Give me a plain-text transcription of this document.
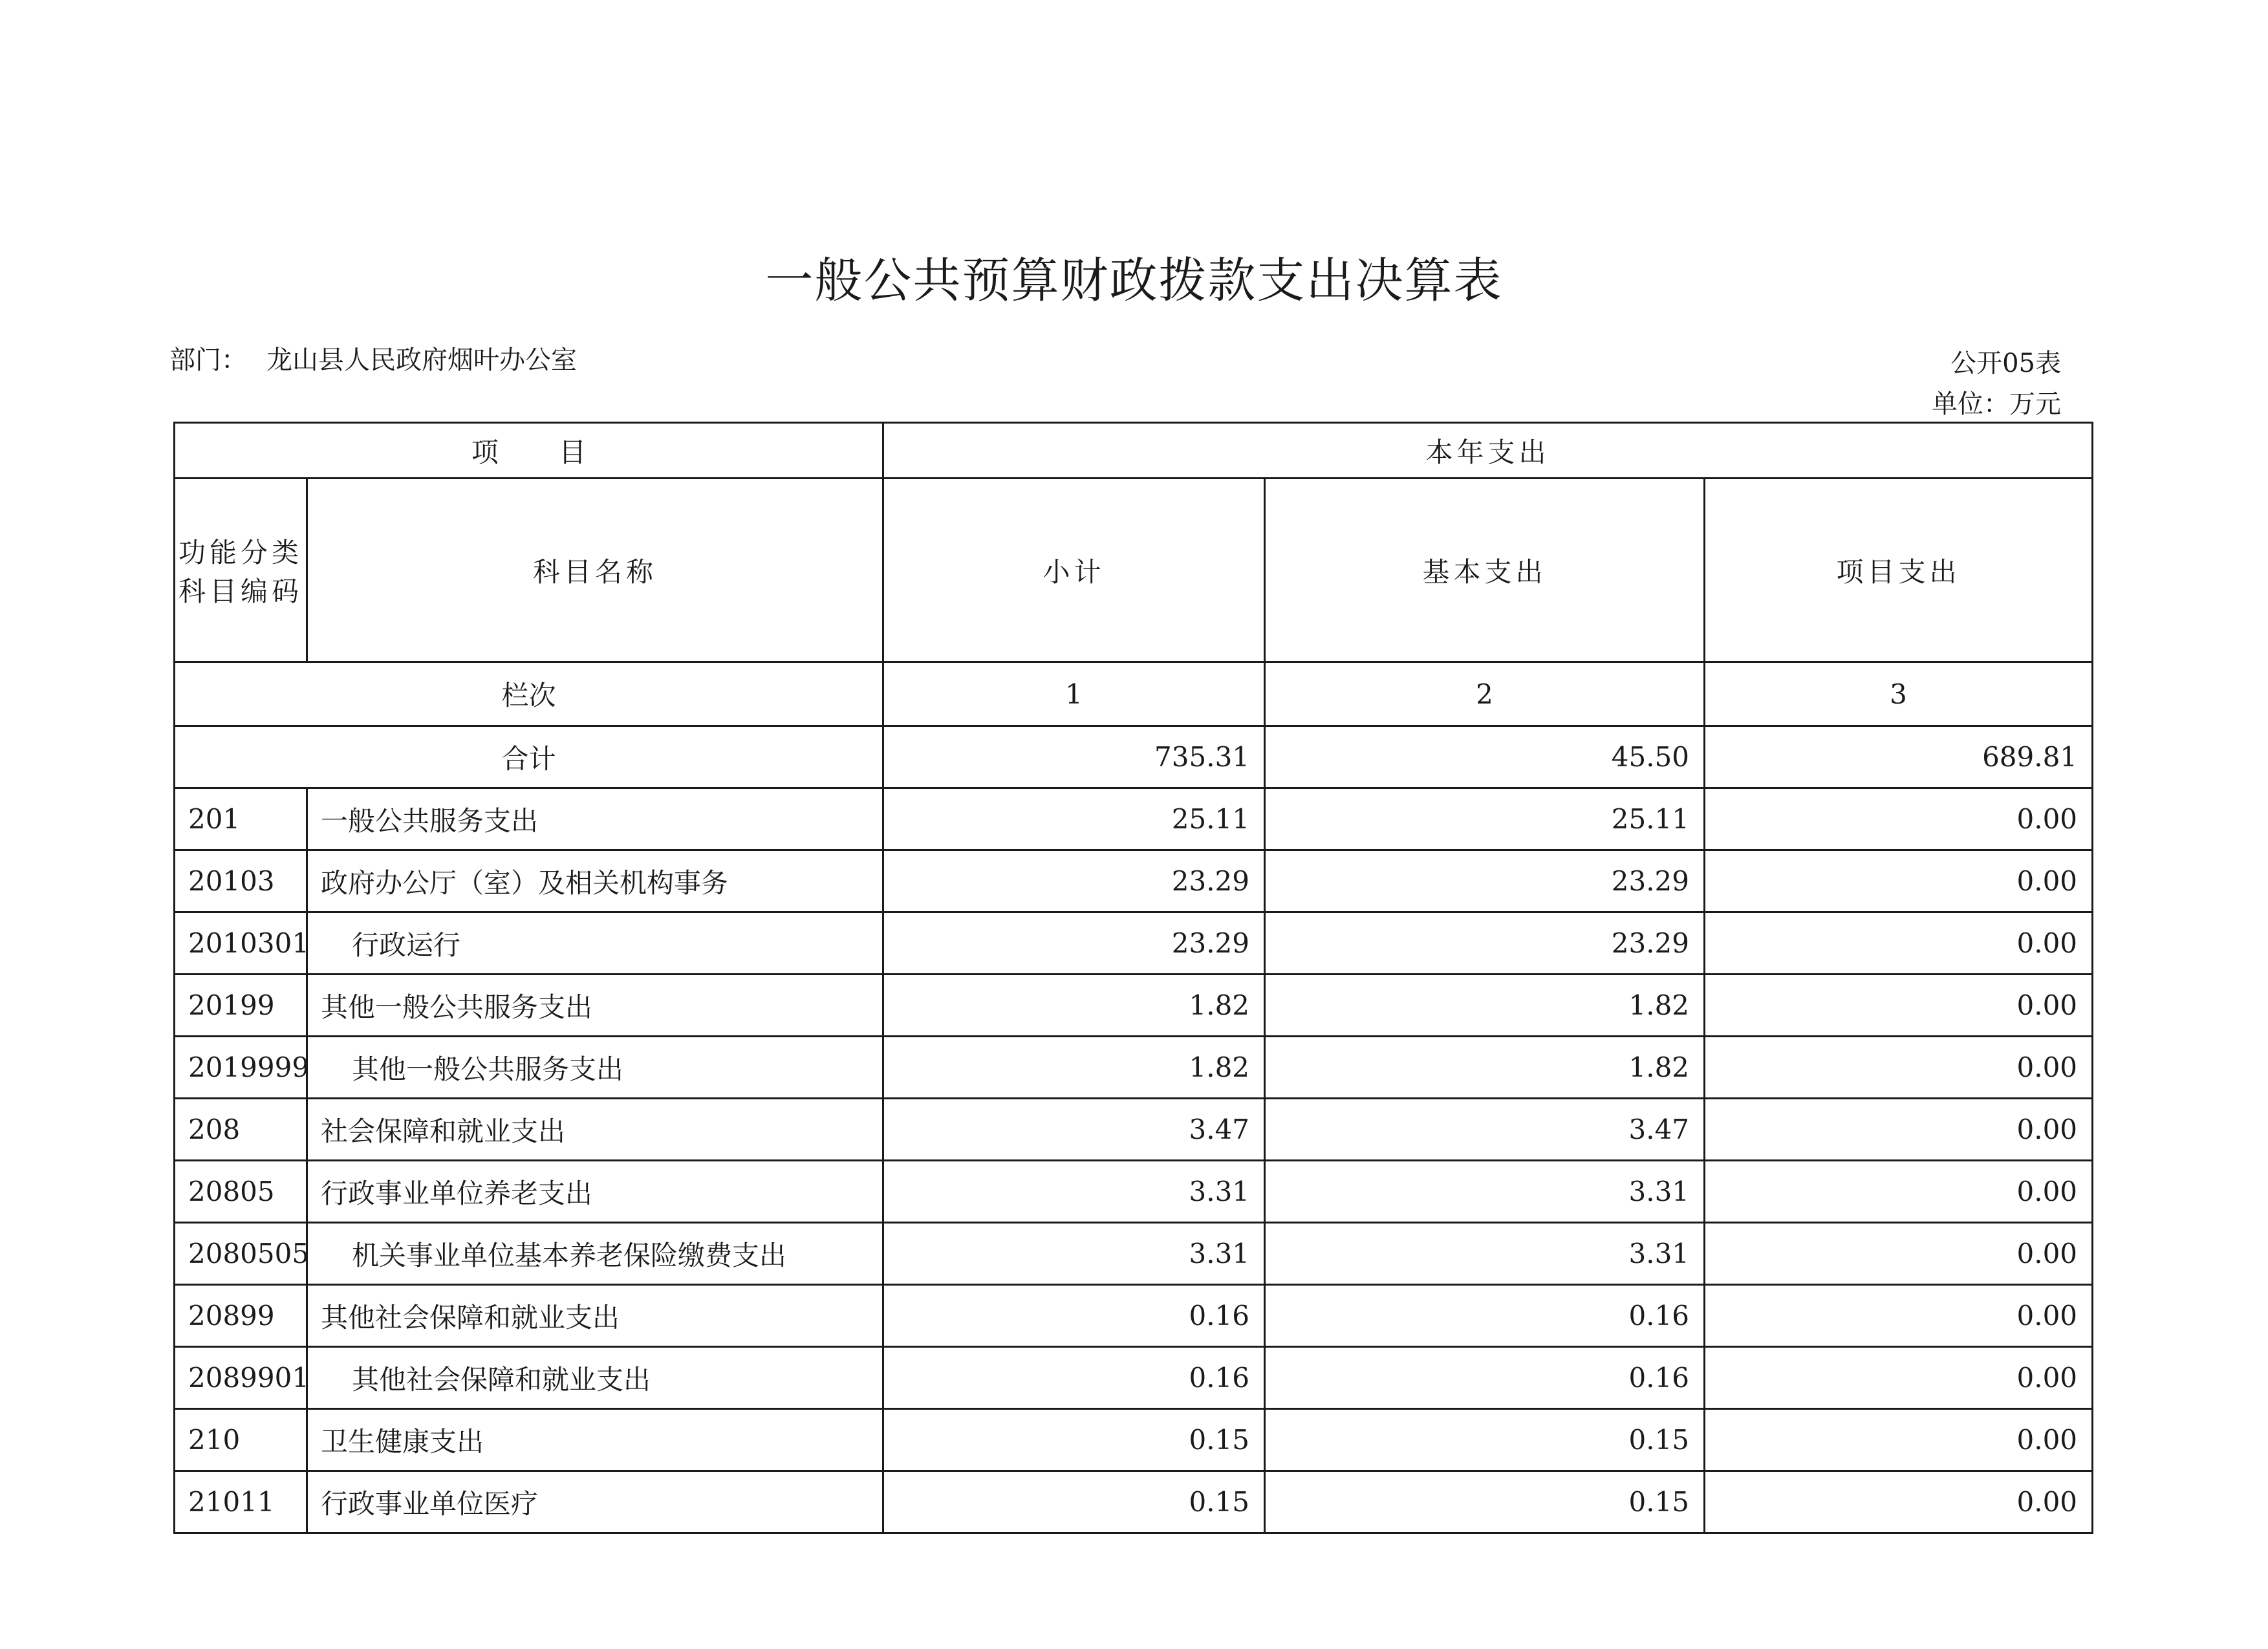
一般公共预算财政拨款支出决算表
部门： 龙山县人民政府烟叶办公室	公开05表
单位：万元
项 目		本年支出		
功能分类科目编码	科目名称	小计	基本支出	项目支出
栏次		1	2	3
合计		735.31	45.50	689.81
201	一般公共服务支出	25.11	25.11	0.00
20103	政府办公厅（室）及相关机构事务	23.29	23.29	0.00
2010301	行政运行	23.29	23.29	0.00
20199	其他一般公共服务支出	1.82	1.82	0.00
2019999	其他一般公共服务支出	1.82	1.82	0.00
208	社会保障和就业支出	3.47	3.47	0.00
20805	行政事业单位养老支出	3.31	3.31	0.00
2080505	机关事业单位基本养老保险缴费支出	3.31	3.31	0.00
20899	其他社会保障和就业支出	0.16	0.16	0.00
2089901	其他社会保障和就业支出	0.16	0.16	0.00
210	卫生健康支出	0.15	0.15	0.00
21011	行政事业单位医疗	0.15	0.15	0.00
